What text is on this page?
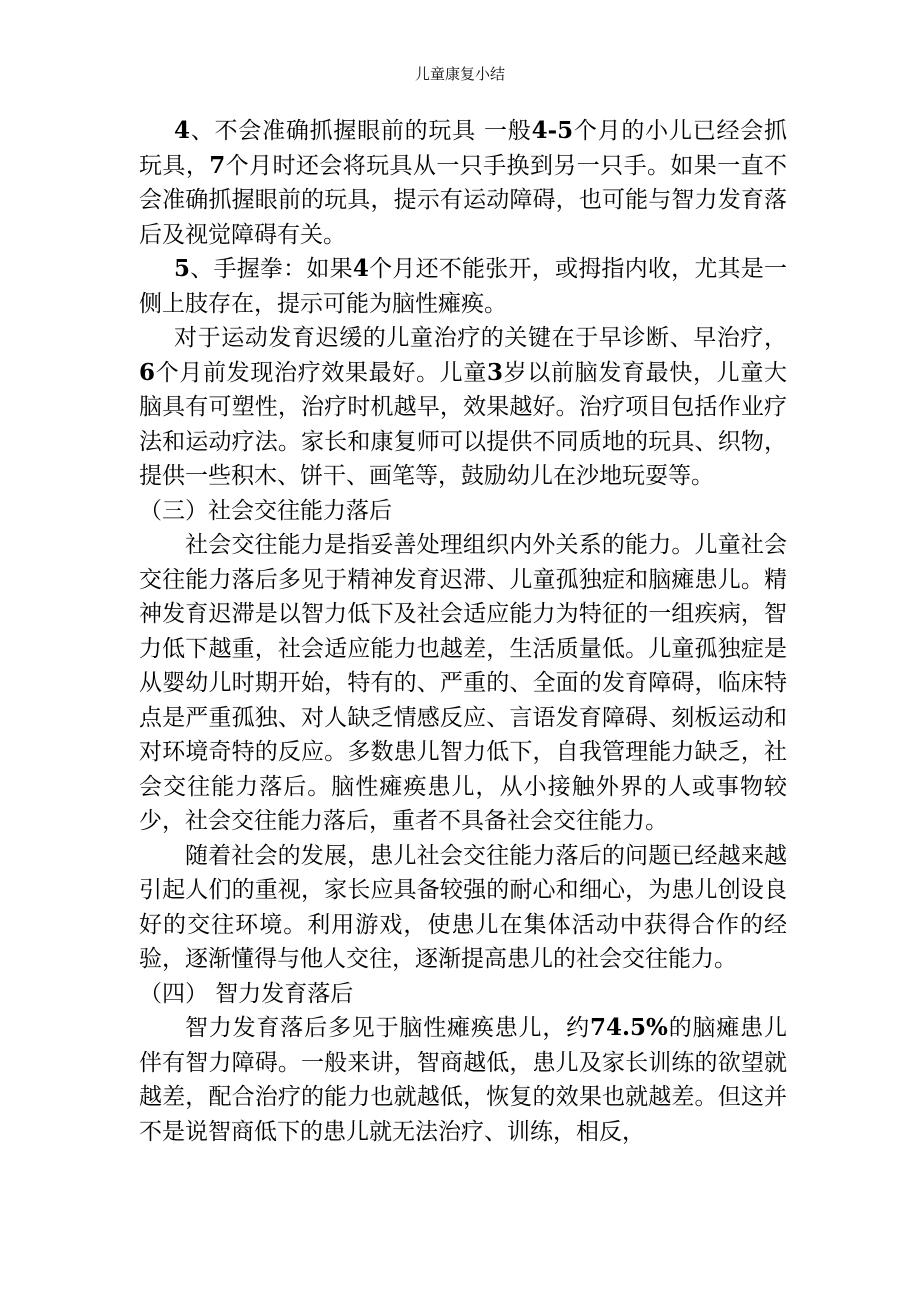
儿童康复小结

4、不会准确抓握眼前的玩具 一般4-5个月的小儿已经会抓玩具，7个月时还会将玩具从一只手换到另一只手。如果一直不会准确抓握眼前的玩具，提示有运动障碍，也可能与智力发育落后及视觉障碍有关。

5、手握拳：如果4个月还不能张开，或拇指内收，尤其是一侧上肢存在，提示可能为脑性瘫痪。

对于运动发育迟缓的儿童治疗的关键在于早诊断、早治疗，6个月前发现治疗效果最好。儿童3岁以前脑发育最快，儿童大脑具有可塑性，治疗时机越早，效果越好。治疗项目包括作业疗法和运动疗法。家长和康复师可以提供不同质地的玩具、织物，提供一些积木、饼干、画笔等，鼓励幼儿在沙地玩耍等。

（三）社会交往能力落后

社会交往能力是指妥善处理组织内外关系的能力。儿童社会交往能力落后多见于精神发育迟滞、儿童孤独症和脑瘫患儿。精神发育迟滞是以智力低下及社会适应能力为特征的一组疾病，智力低下越重，社会适应能力也越差，生活质量低。儿童孤独症是从婴幼儿时期开始，特有的、严重的、全面的发育障碍，临床特点是严重孤独、对人缺乏情感反应、言语发育障碍、刻板运动和对环境奇特的反应。多数患儿智力低下，自我管理能力缺乏，社会交往能力落后。脑性瘫痪患儿，从小接触外界的人或事物较少，社会交往能力落后，重者不具备社会交往能力。

随着社会的发展，患儿社会交往能力落后的问题已经越来越引起人们的重视，家长应具备较强的耐心和细心，为患儿创设良好的交往环境。利用游戏，使患儿在集体活动中获得合作的经验，逐渐懂得与他人交往，逐渐提高患儿的社会交往能力。

（四） 智力发育落后

智力发育落后多见于脑性瘫痪患儿，约74.5%的脑瘫患儿伴有智力障碍。一般来讲，智商越低，患儿及家长训练的欲望就越差，配合治疗的能力也就越低，恢复的效果也就越差。但这并不是说智商低下的患儿就无法治疗、训练，相反，
